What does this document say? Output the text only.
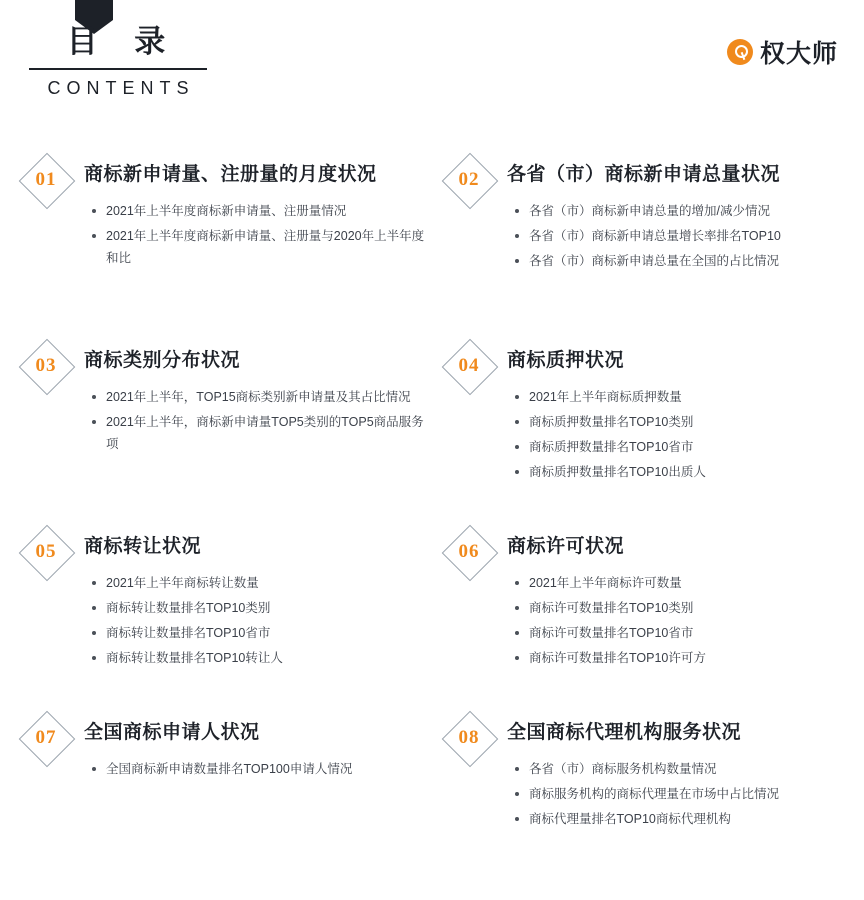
目 录
CONTENTS
权大师
01	商标新申请量、注册量的月度状况
2021年上半年度商标新申请量、注册量情况
2021年上半年度商标新申请量、注册量与2020年上半年度和比
02	各省（市）商标新申请总量状况
各省（市）商标新申请总量的增加/减少情况
各省（市）商标新申请总量增长率排名TOP10
各省（市）商标新申请总量在全国的占比情况
03	商标类别分布状况
2021年上半年，TOP15商标类别新申请量及其占比情况
2021年上半年，商标新申请量TOP5类别的TOP5商品服务项
04	商标质押状况
2021年上半年商标质押数量
商标质押数量排名TOP10类别
商标质押数量排名TOP10省市
商标质押数量排名TOP10出质人
05	商标转让状况
2021年上半年商标转让数量
商标转让数量排名TOP10类别
商标转让数量排名TOP10省市
商标转让数量排名TOP10转让人
06	商标许可状况
2021年上半年商标许可数量
商标许可数量排名TOP10类别
商标许可数量排名TOP10省市
商标许可数量排名TOP10许可方
07	全国商标申请人状况
全国商标新申请数量排名TOP100申请人情况
08	全国商标代理机构服务状况
各省（市）商标服务机构数量情况
商标服务机构的商标代理量在市场中占比情况
商标代理量排名TOP10商标代理机构
